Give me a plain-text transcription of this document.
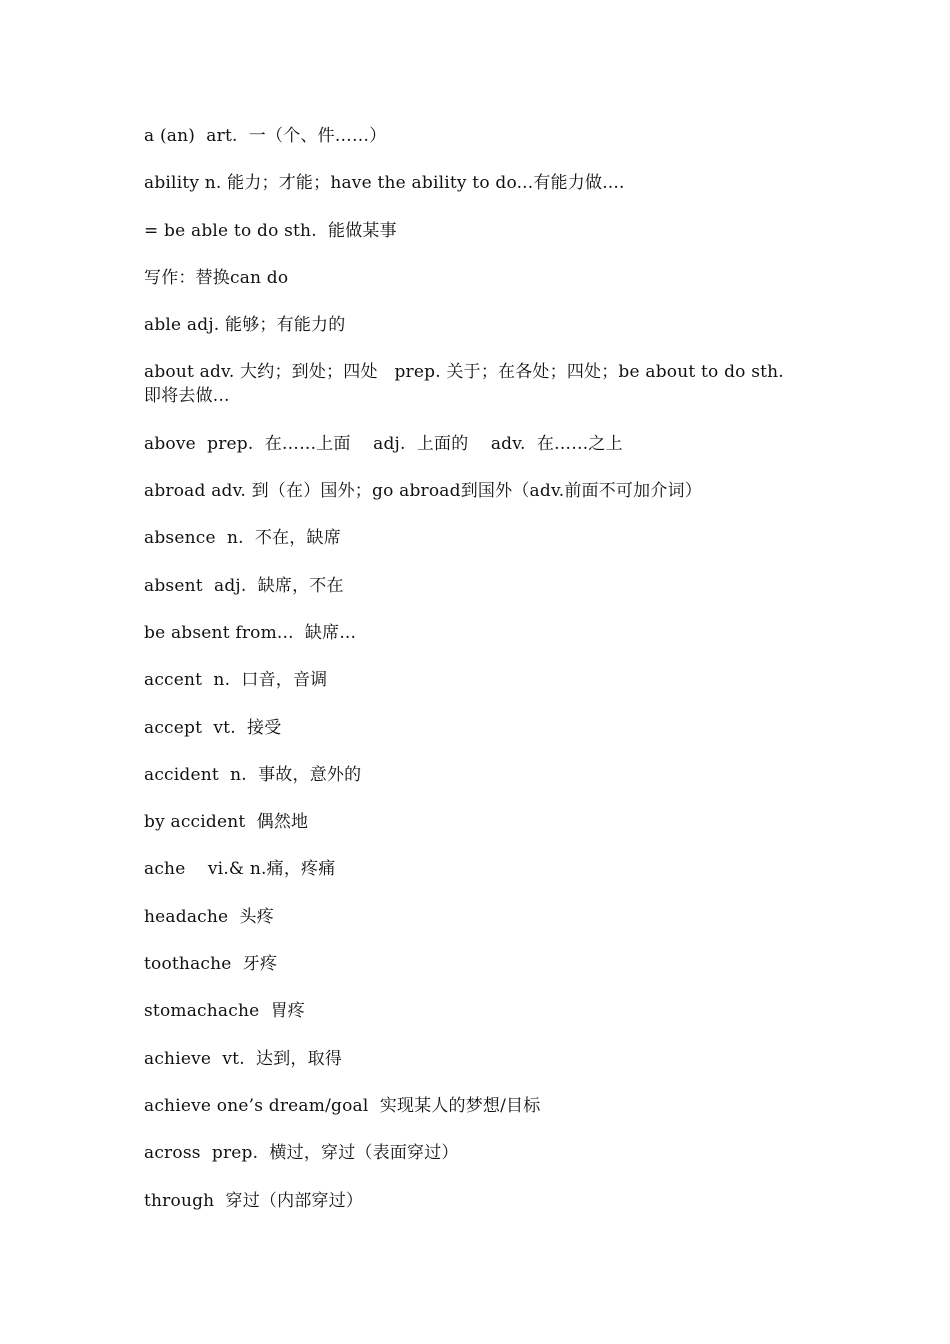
a (an)  art.  一（个、件……）
ability n. 能力；才能；have the ability to do...有能力做....
= be able to do sth.  能做某事
写作：替换can do
able adj. 能够；有能力的
about adv. 大约；到处；四处   prep. 关于；在各处；四处；be about to do sth.   即将去做...
above  prep.  在……上面    adj.  上面的    adv.  在……之上
abroad adv. 到（在）国外；go abroad到国外（adv.前面不可加介词）
absence  n.  不在，缺席
absent  adj.  缺席，不在
be absent from...  缺席...
accent  n.  口音，音调
accept  vt.  接受
accident  n.  事故，意外的
by accident  偶然地
ache    vi.& n.痛，疼痛
headache  头疼
toothache  牙疼
stomachache  胃疼
achieve  vt.  达到，取得
achieve one’s dream/goal  实现某人的梦想/目标
across  prep.  横过，穿过（表面穿过）
through  穿过（内部穿过）
